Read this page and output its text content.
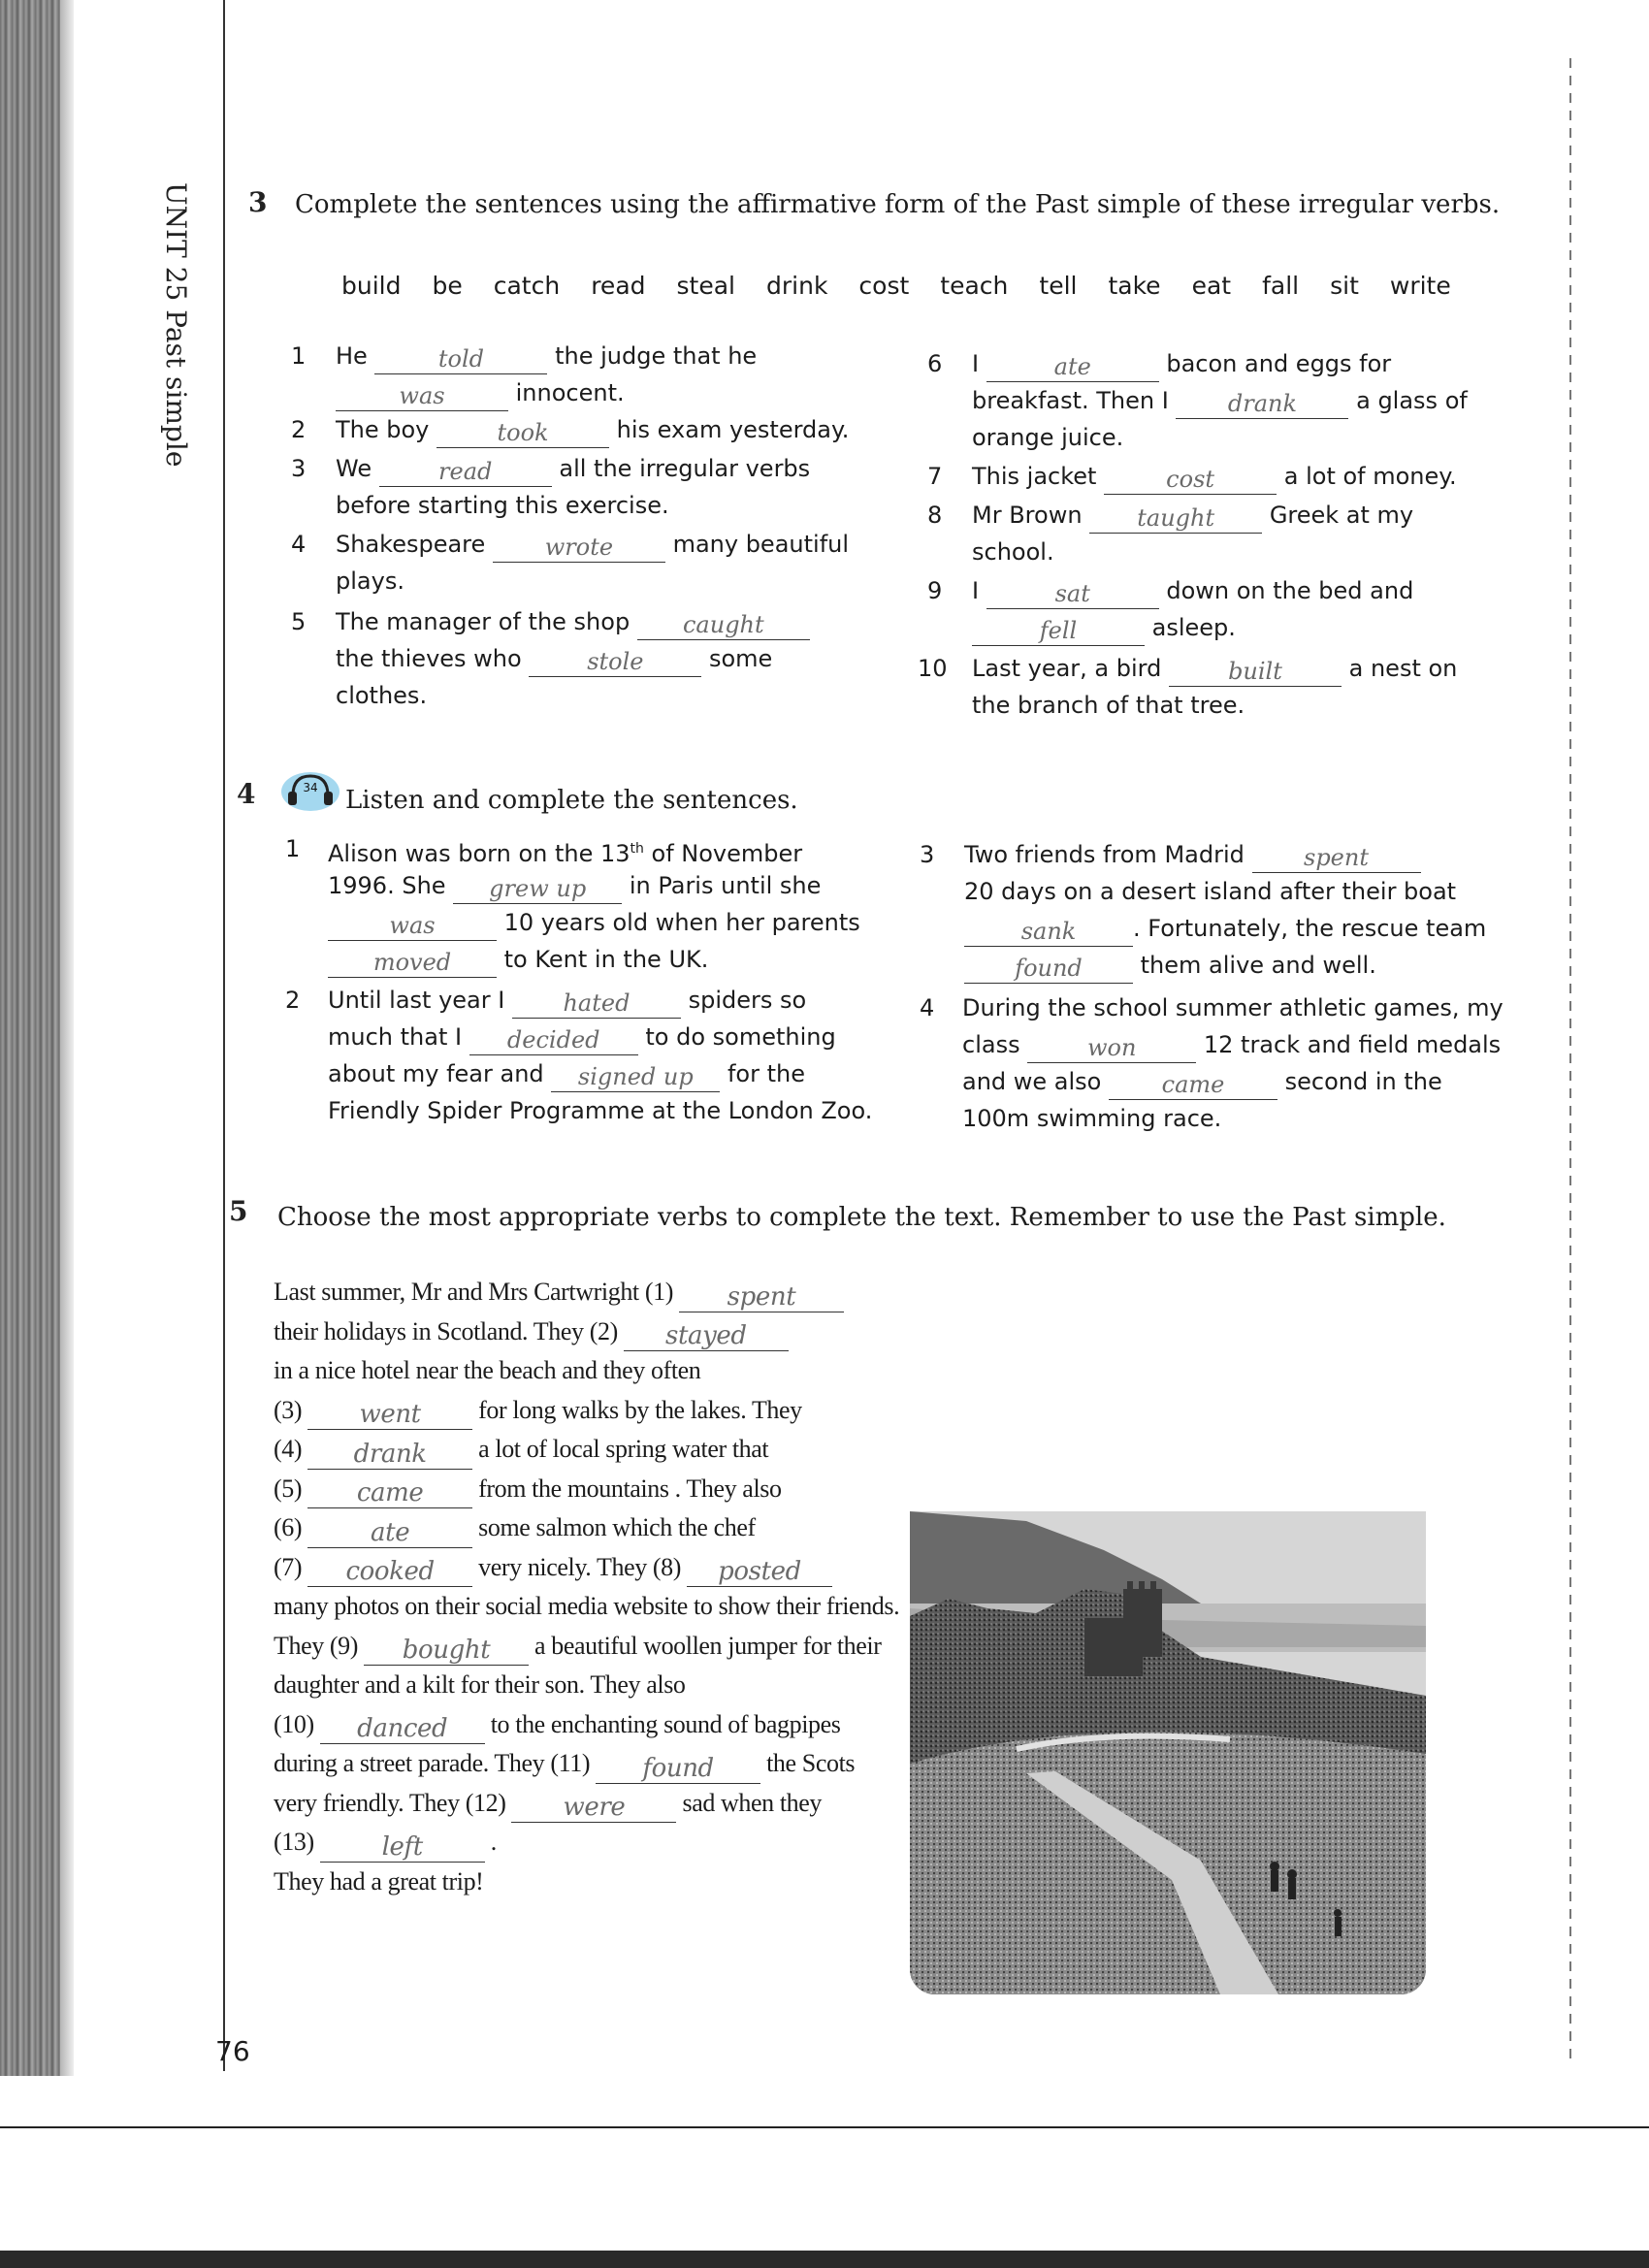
UNIT 25 Past simple 3 Complete the sentences using the affirmative form of the Past simple of these irregular verbs.
build be catch read steal drink cost teach tell take eat fall sit write
1 He	told	the judge that he
was	innocent.
2 The boy	took	his exam yesterday.
3 We	read	all the irregular verbs
before starting this exercise.
4 Shakespeare	wrote	many beautiful
plays.
5 The manager of the shop caught
the thieves who	stole	some
clothes.
6 I	ate	bacon and eggs for
breakfast. Then I	drank	a glass of
orange juice.
7 This jacket	cost	a lot of money.
8 Mr Brown taught Greek at my
school.
9 I	sat	down on the bed and
fell	asleep.
10 Last year, a bird	built	a nest on
the branch of that tree.
4	34 Listen and complete the sentences.
1 Alison was born on the 13th of November
1996. She grew up in Paris until she
was	10 years old when her parents
moved to Kent in the UK.
2 Until last year I	hated	spiders so
much that I decided to do something
about my fear and signed up for the
Friendly Spider Programme at the London Zoo.
3 Two friends from Madrid	spent
20 days on a desert island after their boat
sank . Fortunately, the rescue team
found them alive and well.
4 During the school summer athletic games, my
class	won	12 track and field medals
and we also	came	second in the
100m swimming race.
5 Choose the most appropriate verbs to complete the text. Remember to use the Past simple.
Last summer, Mr and Mrs Cartwright (1) spent
their holidays in Scotland. They (2) stayed
in a nice hotel near the beach and they often
(3) went for long walks by the lakes. They
(4) drank a lot of local spring water that
(5) came from the mountains . They also
(6)	ate	some salmon which the chef
(7) cooked very nicely. They (8) posted
many photos on their social media website to show their friends.
They (9) bought a beautiful woollen jumper for their
daughter and a kilt for their son. They also
(10) danced to the enchanting sound of bagpipes
during a street parade. They (11) found the Scots
very friendly. They (12) were sad when they
(13)	left	.
They had a great trip!
76
